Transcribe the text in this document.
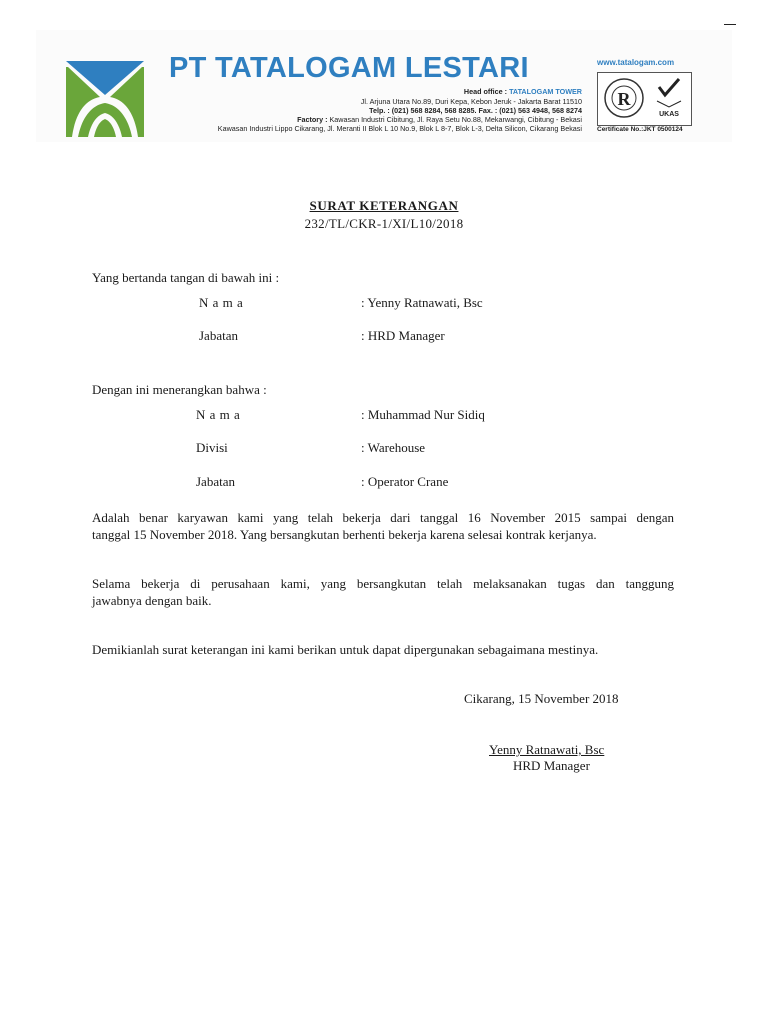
PT TATALOGAM LESTARI
Head office : TATALOGAM TOWER
Jl. Arjuna Utara No.89, Duri Kepa, Kebon Jeruk - Jakarta Barat 11510
Telp. : (021) 568 8284, 568 8285. Fax. : (021) 563 4948, 568 8274
Factory : Kawasan Industri Cibitung, Jl. Raya Setu No.88, Mekarwangi, Cibitung - Bekasi
Kawasan Industri Lippo Cikarang, Jl. Meranti II Blok L 10 No.9, Blok L 8-7, Blok L-3, Delta Silicon, Cikarang Bekasi
www.tatalogam.com
R
UKAS
Certificate No.:JKT 0500124
SURAT KETERANGAN
232/TL/CKR-1/XI/L10/2018
Yang bertanda tangan di bawah ini :
N a m a	: Yenny Ratnawati, Bsc
Jabatan	: HRD Manager
Dengan ini menerangkan bahwa :
N a m a	: Muhammad Nur Sidiq
Divisi	: Warehouse
Jabatan	: Operator Crane
Adalah benar karyawan kami yang telah bekerja dari tanggal 16 November 2015 sampai dengan
tanggal 15 November 2018. Yang bersangkutan berhenti bekerja karena selesai kontrak kerjanya.
Selama bekerja di perusahaan kami, yang bersangkutan telah melaksanakan tugas dan tanggung
jawabnya dengan baik.
Demikianlah surat keterangan ini kami berikan untuk dapat dipergunakan sebagaimana mestinya.
Cikarang, 15 November 2018
Yenny Ratnawati, Bsc
HRD Manager
